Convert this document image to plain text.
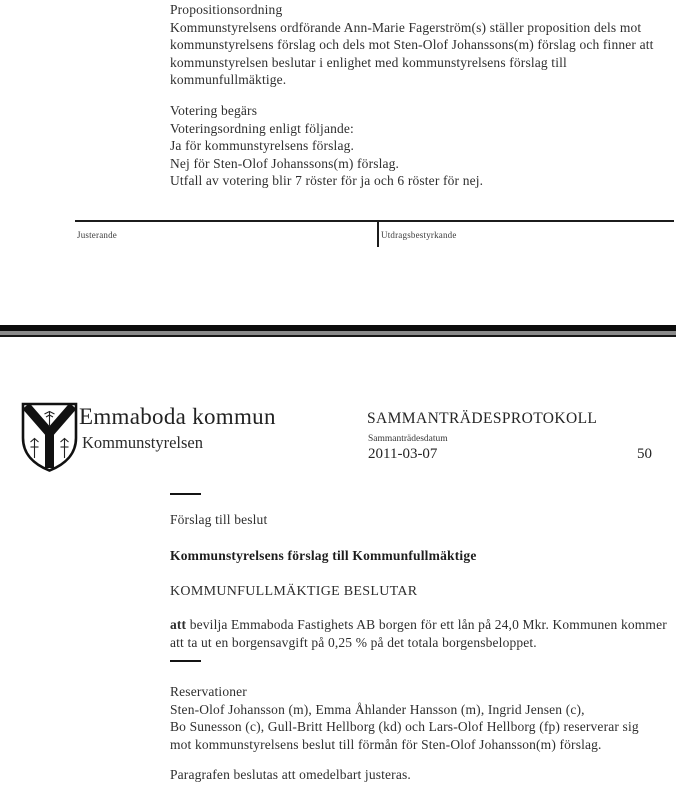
Propositionsordning
Kommunstyrelsens ordförande Ann-Marie Fagerström(s) ställer proposition dels mot kommunstyrelsens förslag och dels mot Sten-Olof Johanssons(m) förslag och finner att kommunstyrelsen beslutar i enlighet med kommunstyrelsens förslag till kommunfullmäktige.
Votering begärs
Voteringsordning enligt följande:
Ja för kommunstyrelsens förslag.
Nej för Sten-Olof Johanssons(m) förslag.
Utfall av votering blir 7 röster för ja och 6 röster för nej.
Justerande	Utdragsbestyrkande
Emmaboda kommun
Kommunstyrelsen
SAMMANTRÄDESPROTOKOLL
Sammanträdesdatum
2011-03-07	50
Förslag till beslut
Kommunstyrelsens förslag till Kommunfullmäktige
KOMMUNFULLMÄKTIGE BESLUTAR
att bevilja Emmaboda Fastighets AB borgen för ett lån på 24,0 Mkr. Kommunen kommer att ta ut en borgensavgift på 0,25 % på det totala borgensbeloppet.
Reservationer
Sten-Olof Johansson (m), Emma Åhlander Hansson (m), Ingrid Jensen (c),
Bo Sunesson (c), Gull-Britt Hellborg (kd) och Lars-Olof Hellborg (fp) reserverar sig
mot kommunstyrelsens beslut till förmån för Sten-Olof Johansson(m) förslag.
Paragrafen beslutas att omedelbart justeras.
